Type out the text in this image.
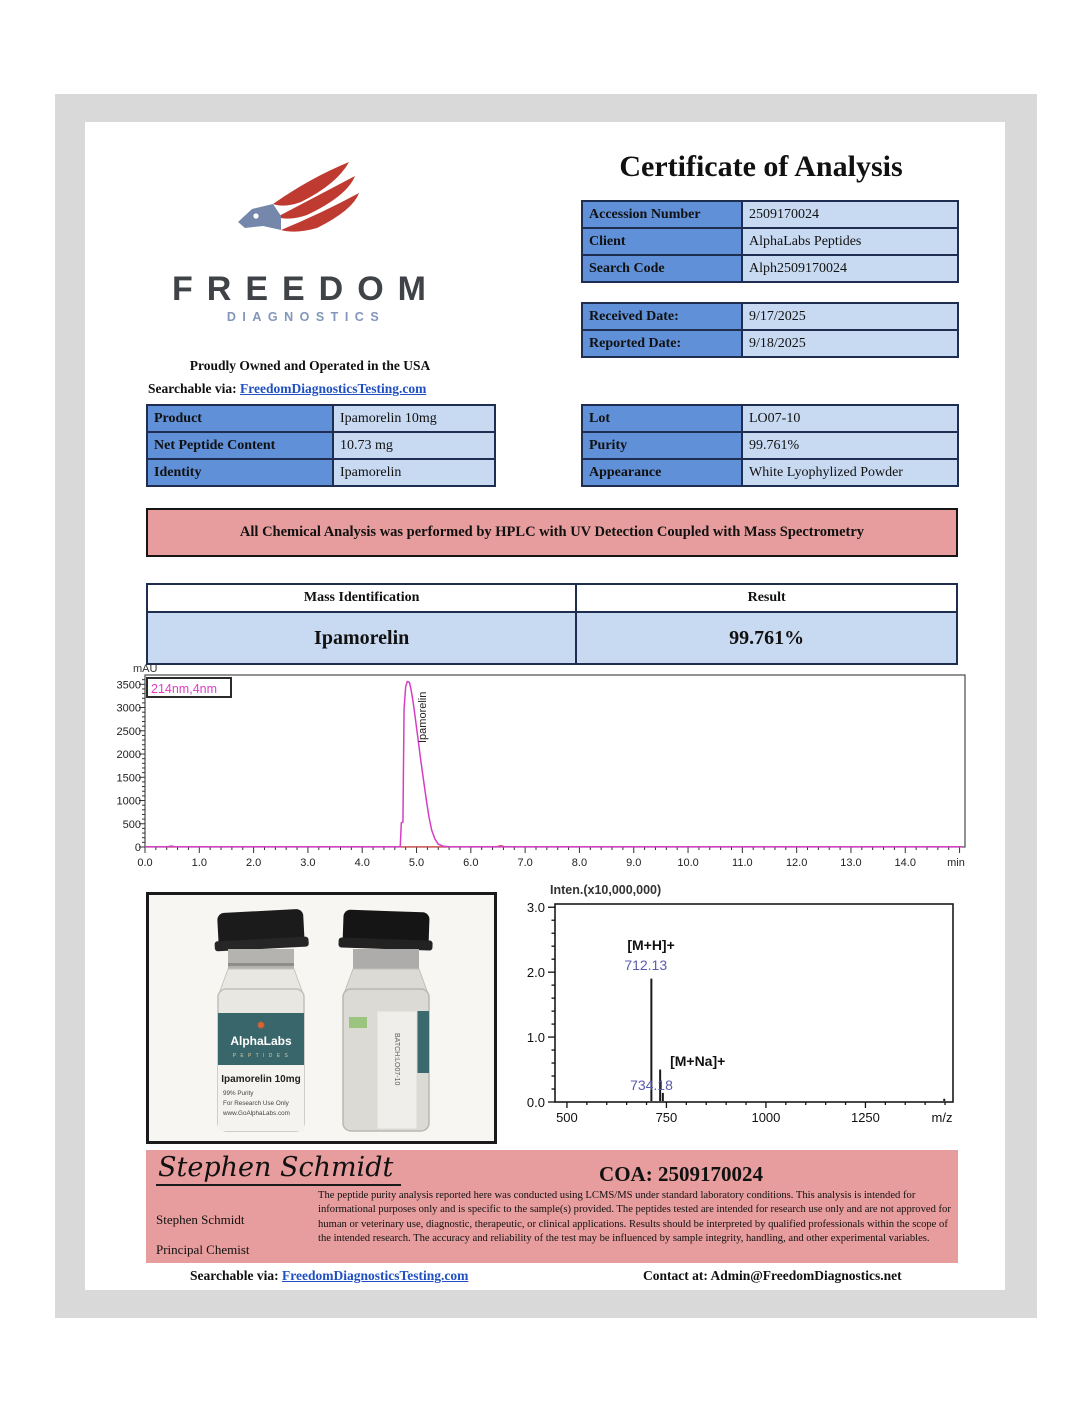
FREEDOM
DIAGNOSTICS
Proudly Owned and Operated in the USA
Searchable via: FreedomDiagnosticsTesting.com
Certificate of Analysis
Accession Number	2509170024
Client	AlphaLabs Peptides
Search Code	Alph2509170024
Received Date:	9/17/2025
Reported Date:	9/18/2025
Product	Ipamorelin 10mg
Net Peptide Content	10.73 mg
Identity	Ipamorelin
Lot	LO07-10
Purity	99.761%
Appearance	White Lyophylized Powder
All Chemical Analysis was performed by HPLC with UV Detection Coupled with Mass Spectrometry
Mass Identification	Result
Ipamorelin	99.761%
mAU
0
500
1000
1500
2000
2500
3000
3500
0.0	1.0	2.0	3.0	4.0	5.0	6.0	7.0	8.0	9.0	10.0	11.0	12.0	13.0	14.0	min
Ipamorelin
214nm,4nm
✹
AlphaLabs
P E P T I D E S
Ipamorelin 10mg
99% Purity
For Research Use Only
www.GoAlphaLabs.com
BATCH:LO07-10
Inten.(x10,000,000)
0.0
1.0
2.0
3.0
500	750	1000	1250	m/z
[M+H]+
712.13
[M+Na]+
734.18
Stephen Schmidt	COA: 2509170024
Stephen Schmidt
Principal Chemist
The peptide purity analysis reported here was conducted using LCMS/MS under standard laboratory conditions. This analysis is intended for informational purposes only and is specific to the sample(s) provided. The peptides tested are intended for research use only and are not approved for human or veterinary use, diagnostic, therapeutic, or clinical applications. Results should be interpreted by qualified professionals within the scope of the intended research. The accuracy and reliability of the test may be influenced by sample integrity, handling, and other experimental variables.
Searchable via: FreedomDiagnosticsTesting.com	Contact at: Admin@FreedomDiagnostics.net
